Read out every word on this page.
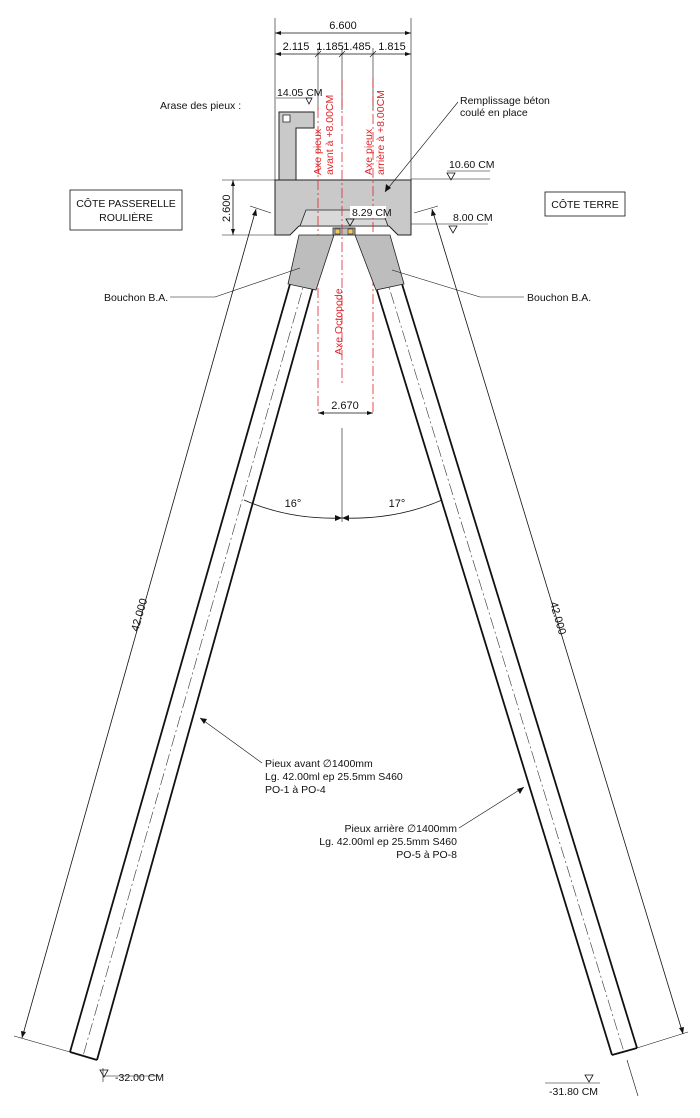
6.600
2.115 1.185 1.485 1.815
Axe pieux avant à +8.00CM	Axe pieux arrière à +8.00CM
Axe Octopode
2.600
14.05 CM
10.60 CM
8.00 CM
8.29 CM
-32.00 CM
-31.80 CM
2.670
16°	17°
42.000	42.000
CÔTE PASSERELLE
ROULIÈRE
CÔTE TERRE
Arase des pieux :	Remplissage béton
coulé en place
Bouchon B.A.	Bouchon B.A.
Pieux avant ∅1400mm
Lg. 42.00ml ep 25.5mm S460
PO-1 à PO-4
Pieux arrière ∅1400mm
Lg. 42.00ml ep 25.5mm S460
PO-5 à PO-8
